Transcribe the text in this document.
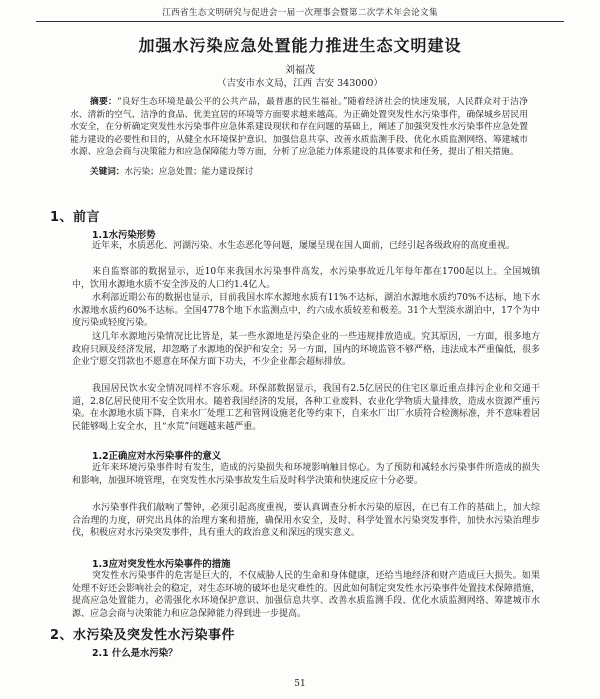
江西省生态文明研究与促进会一届一次理事会暨第二次学术年会论文集
加强水污染应急处置能力推进生态文明建设
刘福茂
（吉安市水文局，江西 吉安 343000）
摘要：“良好生态环境是最公平的公共产品，最普惠的民生福祉。”随着经济社会的快速发展，人民群众对于洁净水、清新的空气、洁净的食品、优美宜居的环境等方面要求越来越高。为正确处置突发性水污染事件，确保城乡居民用水安全，在分析确定突发性水污染事件应急体系建设现状和存在问题的基础上，阐述了加强突发性水污染事件应急处置能力建设的必要性和目的，从健全水环境保护意识、加强信息共享、改善水质监测手段、优化水质监测网络、筹建城市水源、应急会商与决策能力和应急保障能力等方面，分析了应急能力体系建设的具体要求和任务，提出了相关措施。
关键词：水污染；应急处置；能力建设探讨
1、前言
1.1水污染形势
近年来，水质恶化、河湖污染、水生态恶化等问题，屡屡呈现在国人面前，已经引起各级政府的高度重视。
来自监察部的数据显示，近10年来我国水污染事件高发，水污染事故近几年每年都在1700起以上。全国城镇中，饮用水源地水质不安全涉及的人口约1.4亿人。
水利部近期公布的数据也显示，目前我国水库水源地水质有11%不达标，湖泊水源地水质约70%不达标，地下水水源地水质约60%不达标。全国4778个地下水监测点中，约六成水质较差和极差。31个大型淡水湖泊中，17个为中度污染或轻度污染。
这几年水源地污染情况比比皆是，某一些水源地是污染企业的一些违规排放造成。究其原因，一方面，很多地方政府只顾及经济发展，却忽略了水源地的保护和安全；另一方面，国内的环境监管不够严格，违法成本严重偏低，很多企业宁愿交罚款也不愿意在环保方面下功夫，不少企业都会超标排放。
我国居民饮水安全情况同样不容乐观。环保部数据显示，我国有2.5亿居民的住宅区靠近重点排污企业和交通干道，2.8亿居民使用不安全饮用水。随着我国经济的发展，各种工业废料、农业化学物质大量排放，造成水资源严重污染。在水源地水质下降，自来水厂处理工艺和管网设施老化等约束下，自来水厂出厂水质符合检测标准，并不意味着居民能够喝上安全水，且“水荒”问题越来越严重。
1.2正确应对水污染事件的意义
近年来环境污染事件时有发生，造成的污染损失和环境影响触目惊心。为了预防和减轻水污染事件所造成的损失和影响，加强环境管理，在突发性水污染事故发生后及时科学决策和快速反应十分必要。
水污染事件我们敲响了警钟，必须引起高度重视，要认真调查分析水污染的原因，在已有工作的基础上，加大综合治理的力度，研究出具体的治理方案和措施，确保用水安全，及时、科学处置水污染突发事件，加快水污染治理步伐，积极应对水污染突发事件，具有重大的政治意义和深远的现实意义。
1.3应对突发性水污染事件的措施
突发性水污染事件的危害是巨大的，不仅威胁人民的生命和身体健康，还给当地经济和财产造成巨大损失。如果处理不好还会影响社会的稳定，对生态环境的破坏也是灾难性的。因此如何制定突发性水污染事件处置技术保障措施，提高应急处置能力，必需强化水环境保护意识、加强信息共享、改善水质监测手段、优化水质监测网络、筹建城市水源、应急会商与决策能力和应急保障能力得到进一步提高。
2、水污染及突发性水污染事件
2.1 什么是水污染？
51
